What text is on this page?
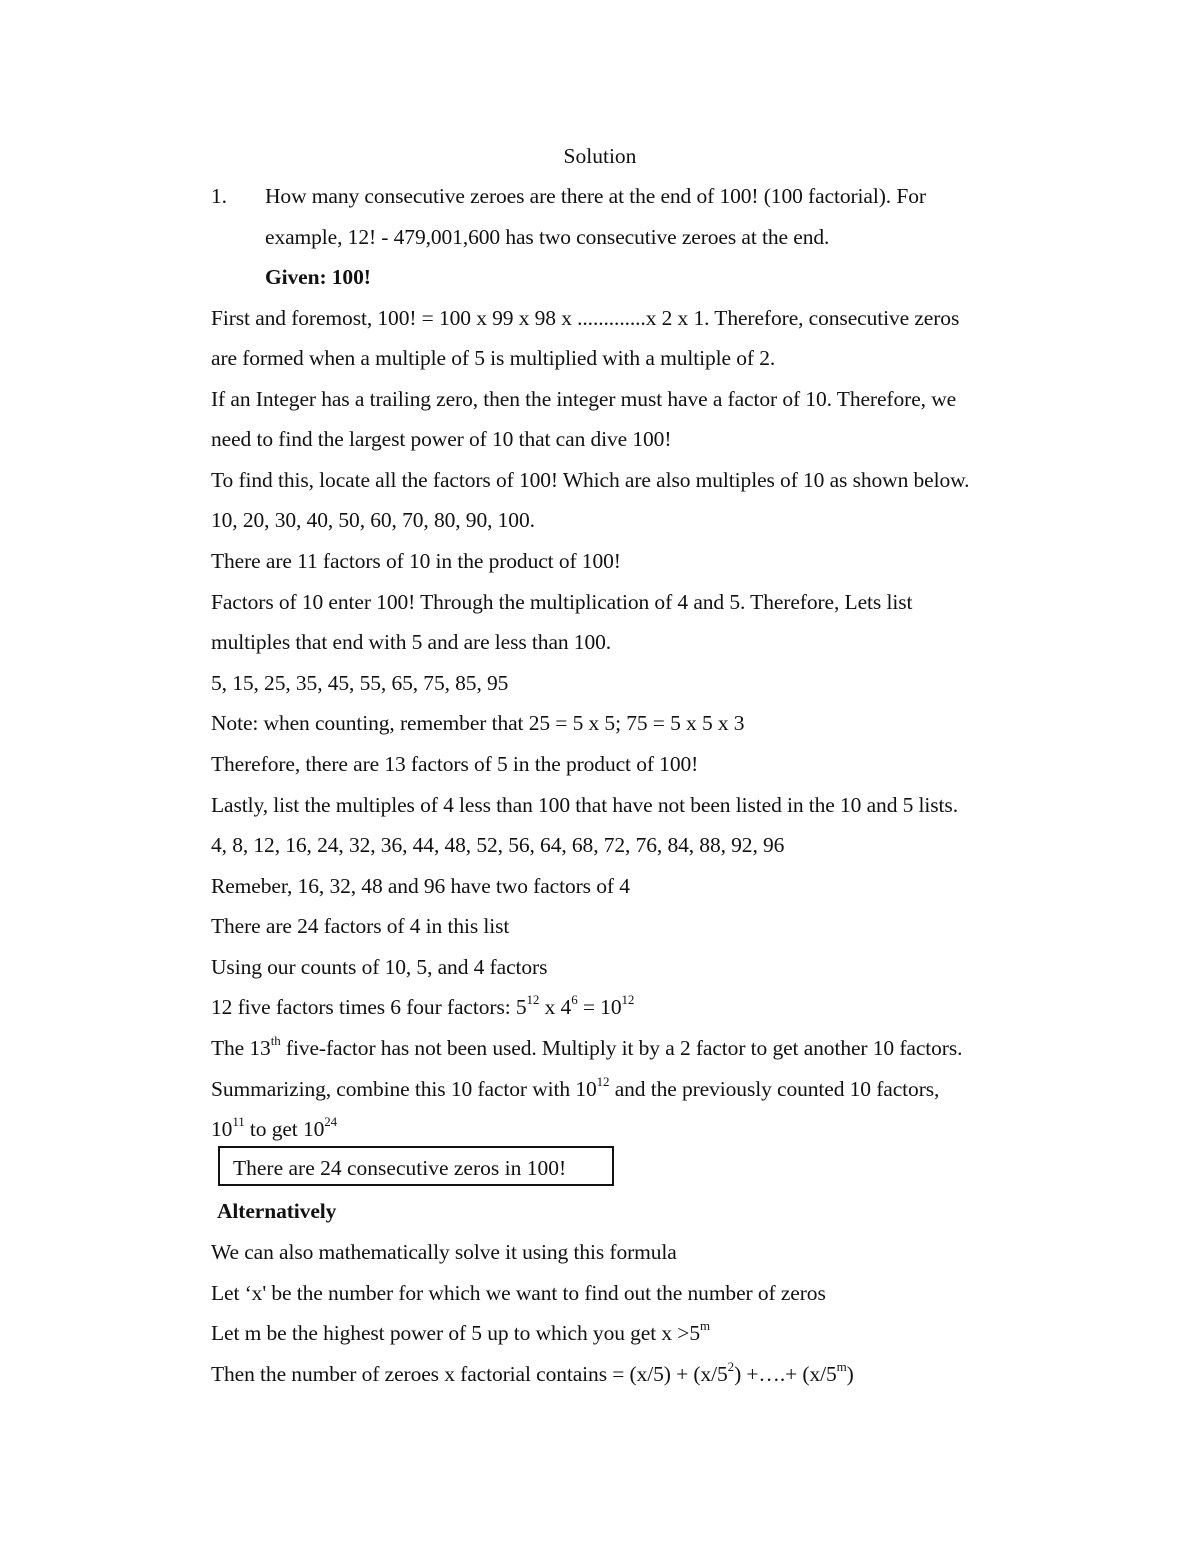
Solution
1. How many consecutive zeroes are there at the end of 100! (100 factorial). For
example, 12! - 479,001,600 has two consecutive zeroes at the end.
Given: 100!
First and foremost, 100! = 100 x 99 x 98 x .............x 2 x 1. Therefore, consecutive zeros
are formed when a multiple of 5 is multiplied with a multiple of 2.
If an Integer has a trailing zero, then the integer must have a factor of 10. Therefore, we
need to find the largest power of 10 that can dive 100!
To find this, locate all the factors of 100! Which are also multiples of 10 as shown below.
10, 20, 30, 40, 50, 60, 70, 80, 90, 100.
There are 11 factors of 10 in the product of 100!
Factors of 10 enter 100! Through the multiplication of 4 and 5. Therefore, Lets list
multiples that end with 5 and are less than 100.
5, 15, 25, 35, 45, 55, 65, 75, 85, 95
Note: when counting, remember that 25 = 5 x 5; 75 = 5 x 5 x 3
Therefore, there are 13 factors of 5 in the product of 100!
Lastly, list the multiples of 4 less than 100 that have not been listed in the 10 and 5 lists.
4, 8, 12, 16, 24, 32, 36, 44, 48, 52, 56, 64, 68, 72, 76, 84, 88, 92, 96
Remeber, 16, 32, 48 and 96 have two factors of 4
There are 24 factors of 4 in this list
Using our counts of 10, 5, and 4 factors
12 five factors times 6 four factors: $5^{12}$ x $4^6 = 10^{12}$
The 13th five-factor has not been used. Multiply it by a 2 factor to get another 10 factors.
Summarizing, combine this 10 factor with $10^{12}$ and the previously counted 10 factors,
$10^{11}$ to get $10^{24}$
There are 24 consecutive zeros in 100!
Alternatively
We can also mathematically solve it using this formula
Let ‘x' be the number for which we want to find out the number of zeros
Let m be the highest power of 5 up to which you get $x >5^m$
Then the number of zeroes x factorial contains = $(x/5) + (x/5^2)$ +….+ $(x/5^m)$
